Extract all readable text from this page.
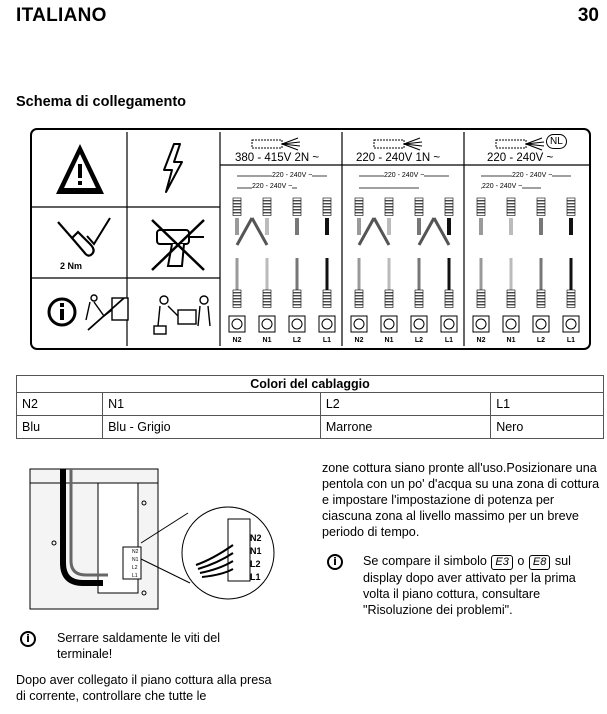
ITALIANO	30
Schema di collegamento
N2	N1	L2	L1	N2	N1	L2	L1	N2	N1	L2	L1
2 Nm
380 - 415V 2N ~	220 - 240V 1N ~	220 - 240V ~
220 - 240V ~
220 - 240V ~	220 - 240V ~
220 - 240V ~
220 - 240V ~
NL
Colori del cablaggio			
N2	N1	L2	L1
Blu	Blu - Grigio	Marrone	Nero
N2
N1
L2
L1
N2
N1
L2
L1
i	Serrare saldamente le viti del terminale!
Dopo aver collegato il piano cottura alla presa di corrente, controllare che tutte le
zone cottura siano pronte all'uso.Posizionare una pentola con un po' d'acqua su una zona di cottura e impostare l'impostazione di potenza per ciascuna zona al livello massimo per un breve periodo di tempo.
i	Se compare il simbolo E3 o E8 sul display dopo aver attivato per la prima volta il piano cottura, consultare "Risoluzione dei problemi".
